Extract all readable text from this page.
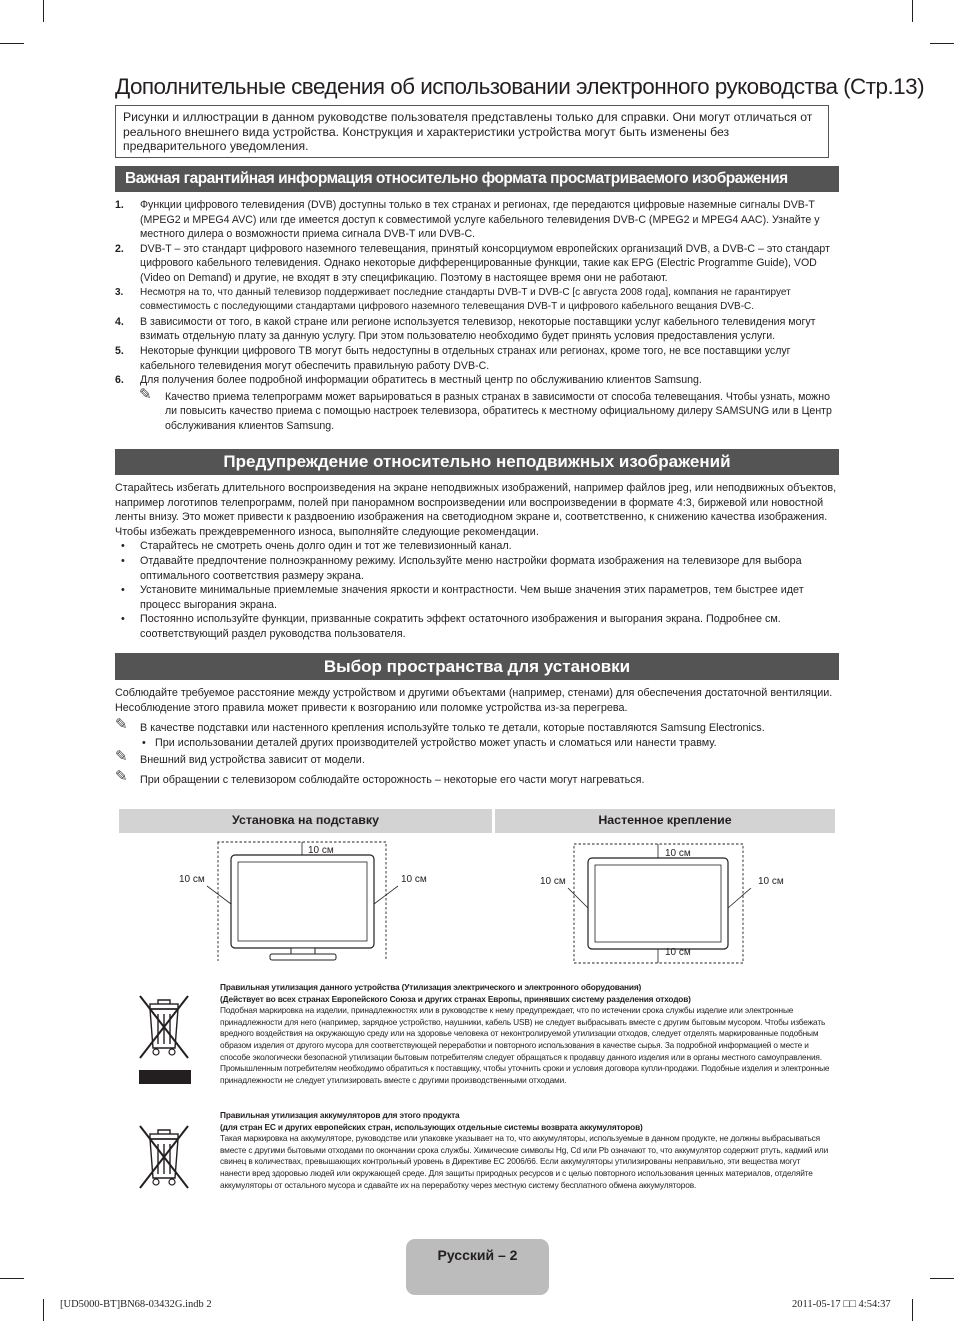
Дополнительные сведения об использовании электронного руководства (Стр.13)
Рисунки и иллюстрации в данном руководстве пользователя представлены только для справки. Они могут отличаться от реального внешнего вида устройства. Конструкция и характеристики устройства могут быть изменены без предварительного уведомления.
Важная гарантийная информация относительно формата просматриваемого изображения
1. Функции цифрового телевидения (DVB) доступны только в тех странах и регионах, где передаются цифровые наземные сигналы DVB-T (MPEG2 и MPEG4 AVC) или где имеется доступ к совместимой услуге кабельного телевидения DVB-C (MPEG2 и MPEG4 AAC). Узнайте у местного дилера о возможности приема сигнала DVB-T или DVB-C.
2. DVB-T – это стандарт цифрового наземного телевещания, принятый консорциумом европейских организаций DVB, а DVB-C – это стандарт цифрового кабельного телевидения. Однако некоторые дифференцированные функции, такие как EPG (Electric Programme Guide), VOD (Video on Demand) и другие, не входят в эту спецификацию. Поэтому в настоящее время они не работают.
3. Несмотря на то, что данный телевизор поддерживает последние стандарты DVB-T и DVB-C [с августа 2008 года], компания не гарантирует совместимость с последующими стандартами цифрового наземного телевещания DVB-T и цифрового кабельного вещания DVB-C.
4. В зависимости от того, в какой стране или регионе используется телевизор, некоторые поставщики услуг кабельного телевидения могут взимать отдельную плату за данную услугу. При этом пользователю необходимо будет принять условия предоставления услуги.
5. Некоторые функции цифрового ТВ могут быть недоступны в отдельных странах или регионах, кроме того, не все поставщики услуг кабельного телевидения могут обеспечить правильную работу DVB-C.
6. Для получения более подробной информации обратитесь в местный центр по обслуживанию клиентов Samsung.
✎ Качество приема телепрограмм может варьироваться в разных странах в зависимости от способа телевещания. Чтобы узнать, можно ли повысить качество приема с помощью настроек телевизора, обратитесь к местному официальному дилеру SAMSUNG или в Центр обслуживания клиентов Samsung.
Предупреждение относительно неподвижных изображений
Старайтесь избегать длительного воспроизведения на экране неподвижных изображений, например файлов jpeg, или неподвижных объектов, например логотипов телепрограмм, полей при панорамном воспроизведении или воспроизведении в формате 4:3, биржевой или новостной ленты внизу. Это может привести к раздвоению изображения на светодиодном экране и, соответственно, к снижению качества изображения. Чтобы избежать преждевременного износа, выполняйте следующие рекомендации.
• Старайтесь не смотреть очень долго один и тот же телевизионный канал.
• Отдавайте предпочтение полноэкранному режиму. Используйте меню настройки формата изображения на телевизоре для выбора оптимального соответствия размеру экрана.
• Установите минимальные приемлемые значения яркости и контрастности. Чем выше значения этих параметров, тем быстрее идет процесс выгорания экрана.
• Постоянно используйте функции, призванные сократить эффект остаточного изображения и выгорания экрана. Подробнее см. соответствующий раздел руководства пользователя.
Выбор пространства для установки
Соблюдайте требуемое расстояние между устройством и другими объектами (например, стенами) для обеспечения достаточной вентиляции.
Несоблюдение этого правила может привести к возгоранию или поломке устройства из-за перегрева.
✎ В качестве подставки или настенного крепления используйте только те детали, которые поставляются Samsung Electronics.
• При использовании деталей других производителей устройство может упасть и сломаться или нанести травму.
✎ Внешний вид устройства зависит от модели.
✎ При обращении с телевизором соблюдайте осторожность – некоторые его части могут нагреваться.
Установка на подставку	Настенное крепление
10 см
10 см	10 см
10 см
10 см	10 см
10 см
Правильная утилизация данного устройства (Утилизация электрического и электронного оборудования)
(Действует во всех странах Европейского Союза и других странах Европы, принявших систему разделения отходов)
Подобная маркировка на изделии, принадлежностях или в руководстве к нему предупреждает, что по истечении срока службы изделие или электронные принадлежности для него (например, зарядное устройство, наушники, кабель USB) не следует выбрасывать вместе с другим бытовым мусором. Чтобы избежать вредного воздействия на окружающую среду или на здоровье человека от неконтролируемой утилизации отходов, следует отделять маркированные подобным образом изделия от другого мусора для соответствующей переработки и повторного использования в качестве сырья. За подробной информацией о месте и способе экологически безопасной утилизации бытовым потребителям следует обращаться к продавцу данного изделия или в органы местного самоуправления. Промышленным потребителям необходимо обратиться к поставщику, чтобы уточнить сроки и условия договора купли-продажи. Подобные изделия и электронные принадлежности не следует утилизировать вместе с другими производственными отходами.
Правильная утилизация аккумуляторов для этого продукта
(для стран ЕС и других европейских стран, использующих отдельные системы возврата аккумуляторов)
Такая маркировка на аккумуляторе, руководстве или упаковке указывает на то, что аккумуляторы, используемые в данном продукте, не должны выбрасываться вместе с другими бытовыми отходами по окончании срока службы. Химические символы Hg, Cd или Pb означают то, что аккумулятор содержит ртуть, кадмий или свинец в количествах, превышающих контрольный уровень в Директиве ЕС 2006/66. Если аккумуляторы утилизированы неправильно, эти вещества могут нанести вред здоровью людей или окружающей среде. Для защиты природных ресурсов и с целью повторного использования ценных материалов, отделяйте аккумуляторы от остального мусора и сдавайте их на переработку через местную систему бесплатного обмена аккумуляторов.
Русский – 2
[UD5000-BT]BN68-03432G.indb 2	2011-05-17 □□ 4:54:37
